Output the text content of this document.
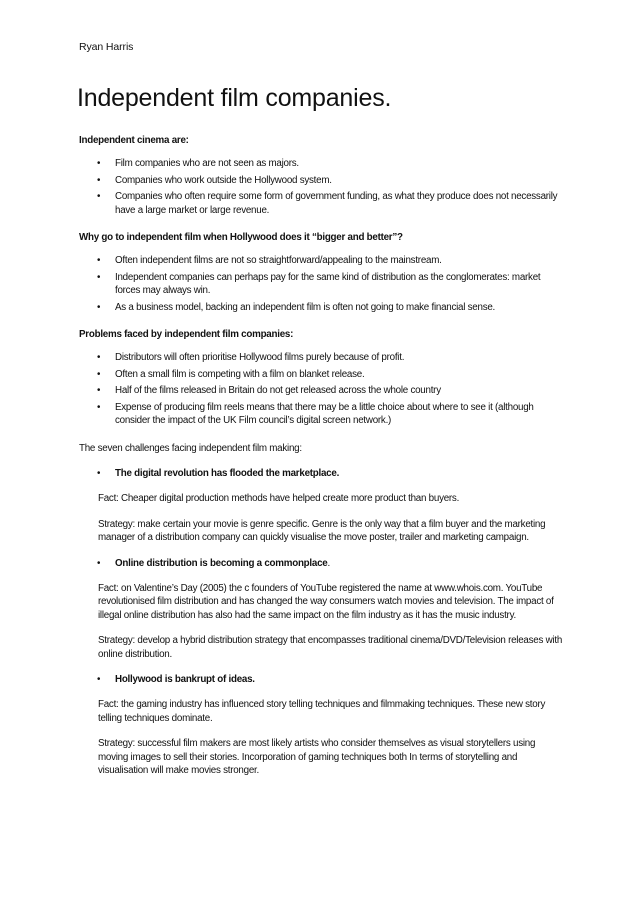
Ryan Harris
Independent film companies.
Independent cinema are:
• Film companies who are not seen as majors.
• Companies who work outside the Hollywood system.
• Companies who often require some form of government funding, as what they produce does not necessarily have a large market or large revenue.
Why go to independent film when Hollywood does it “bigger and better”?
• Often independent films are not so straightforward/appealing to the mainstream.
• Independent companies can perhaps pay for the same kind of distribution as the conglomerates: market forces may always win.
• As a business model, backing an independent film is often not going to make financial sense.
Problems faced by independent film companies:
• Distributors will often prioritise Hollywood films purely because of profit.
• Often a small film is competing with a film on blanket release.
• Half of the films released in Britain do not get released across the whole country
• Expense of producing film reels means that there may be a little choice about where to see it (although consider the impact of the UK Film council’s digital screen network.)

The seven challenges facing independent film making:

• The digital revolution has flooded the marketplace.

Fact: Cheaper digital production methods have helped create more product than buyers.

Strategy: make certain your movie is genre specific. Genre is the only way that a film buyer and the marketing manager of a distribution company can quickly visualise the move poster, trailer and marketing campaign.

• Online distribution is becoming a commonplace.

Fact: on Valentine’s Day (2005) the c founders of YouTube registered the name at www.whois.com. YouTube revolutionised film distribution and has changed the way consumers watch movies and television. The impact of illegal online distribution has also had the same impact on the film industry as it has the music industry.

Strategy: develop a hybrid distribution strategy that encompasses traditional cinema/DVD/Television releases with online distribution.

• Hollywood is bankrupt of ideas.

Fact: the gaming industry has influenced story telling techniques and filmmaking techniques. These new story telling techniques dominate.

Strategy: successful film makers are most likely artists who consider themselves as visual storytellers using moving images to sell their stories. Incorporation of gaming techniques both In terms of storytelling and visualisation will make movies stronger.
